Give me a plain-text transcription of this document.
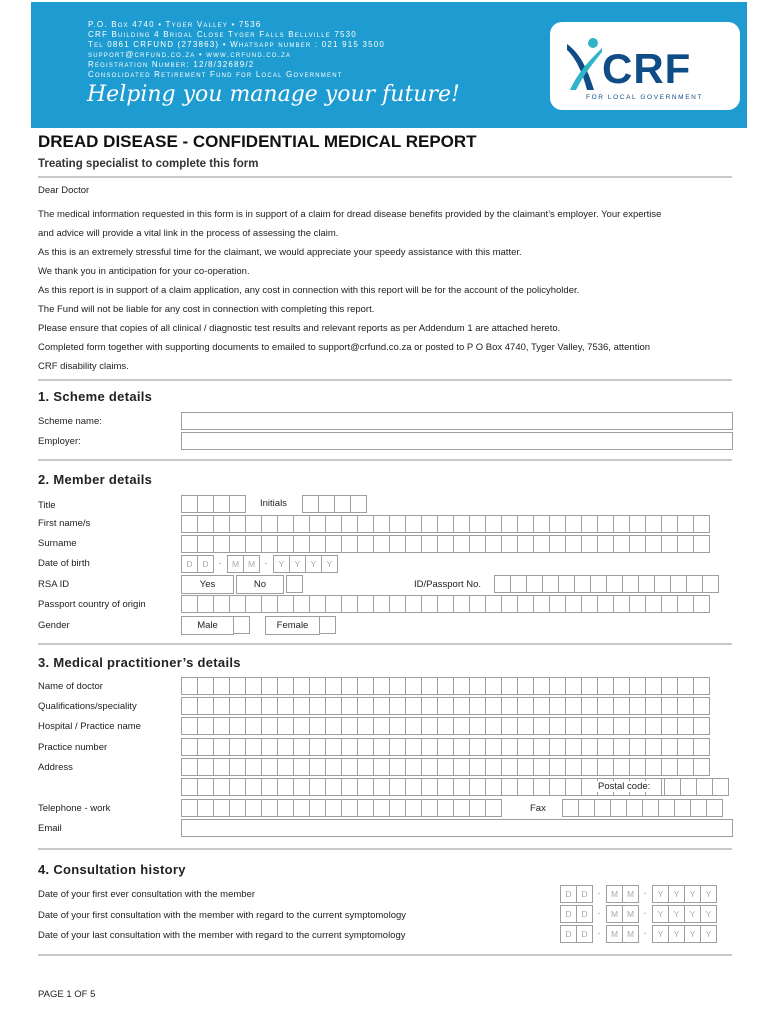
P.O. Box 4740 • Tyger Valley • 7536
CRF Building 4 Bridal Close Tyger Falls Bellville 7530
Tel 0861 CRFUND (273863) • Whatsapp number : 021 915 3500
support@crfund.co.za • www.crfund.co.za
Registration Number: 12/8/32689/2
Consolidated Retirement Fund for Local Government
Helping you manage your future!
CRF
FOR LOCAL GOVERNMENT
DREAD DISEASE - CONFIDENTIAL MEDICAL REPORT
Treating specialist to complete this form
Dear Doctor
The medical information requested in this form is in support of a claim for dread disease benefits provided by the claimant’s employer. Your expertise
and advice will provide a vital link in the process of assessing the claim.
As this is an extremely stressful time for the claimant, we would appreciate your speedy assistance with this matter.
We thank you in anticipation for your co-operation.
As this report is in support of a claim application, any cost in connection with this report will be for the account of the policyholder.
The Fund will not be liable for any cost in connection with completing this report.
Please ensure that copies of all clinical / diagnostic test results and relevant reports as per Addendum 1 are attached hereto.
Completed form together with supporting documents to emailed to support@crfund.co.za or posted to P O Box 4740, Tyger Valley, 7536, attention
CRF disability claims.
1. Scheme details
Scheme name:
Employer:
2. Member details
Title	Initials
First name/s
Surname
Date of birth	D	D	-	M	M	-	Y	Y	Y	Y
RSA ID	Yes	No	ID/Passport No.
Passport country of origin
Gender	Male	Female
3. Medical practitioner’s details
Name of doctor
Qualifications/speciality
Hospital / Practice name
Practice number
Address
Postal code:
Telephone - work	Fax
Email
4. Consultation history
Date of your first ever consultation with the member	D	D	-	M	M	-	Y	Y	Y	Y
Date of your first consultation with the member with regard to the current symptomology	D	D	-	M	M	-	Y	Y	Y	Y
Date of your last consultation with the member with regard to the current symptomology	D	D	-	M	M	-	Y	Y	Y	Y
PAGE 1 OF 5
